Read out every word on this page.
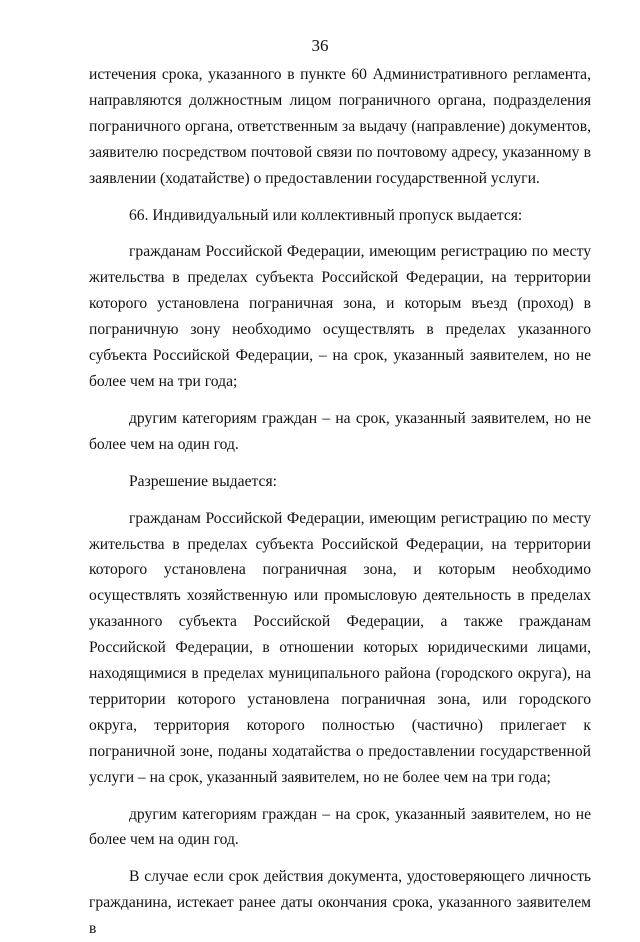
36

истечения срока, указанного в пункте 60 Административного регламента, направляются должностным лицом пограничного органа, подразделения пограничного органа, ответственным за выдачу (направление) документов, заявителю посредством почтовой связи по почтовому адресу, указанному в заявлении (ходатайстве) о предоставлении государственной услуги.

66. Индивидуальный или коллективный пропуск выдается:

гражданам Российской Федерации, имеющим регистрацию по месту жительства в пределах субъекта Российской Федерации, на территории которого установлена пограничная зона, и которым въезд (проход) в пограничную зону необходимо осуществлять в пределах указанного субъекта Российской Федерации, – на срок, указанный заявителем, но не более чем на три года;

другим категориям граждан – на срок, указанный заявителем, но не более чем на один год.

Разрешение выдается:

гражданам Российской Федерации, имеющим регистрацию по месту жительства в пределах субъекта Российской Федерации, на территории которого установлена пограничная зона, и которым необходимо осуществлять хозяйственную или промысловую деятельность в пределах указанного субъекта Российской Федерации, а также гражданам Российской Федерации, в отношении которых юридическими лицами, находящимися в пределах муниципального района (городского округа), на территории которого установлена пограничная зона, или городского округа, территория которого полностью (частично) прилегает к пограничной зоне, поданы ходатайства о предоставлении государственной услуги – на срок, указанный заявителем, но не более чем на три года;

другим категориям граждан – на срок, указанный заявителем, но не более чем на один год.

В случае если срок действия документа, удостоверяющего личность гражданина, истекает ранее даты окончания срока, указанного заявителем в
